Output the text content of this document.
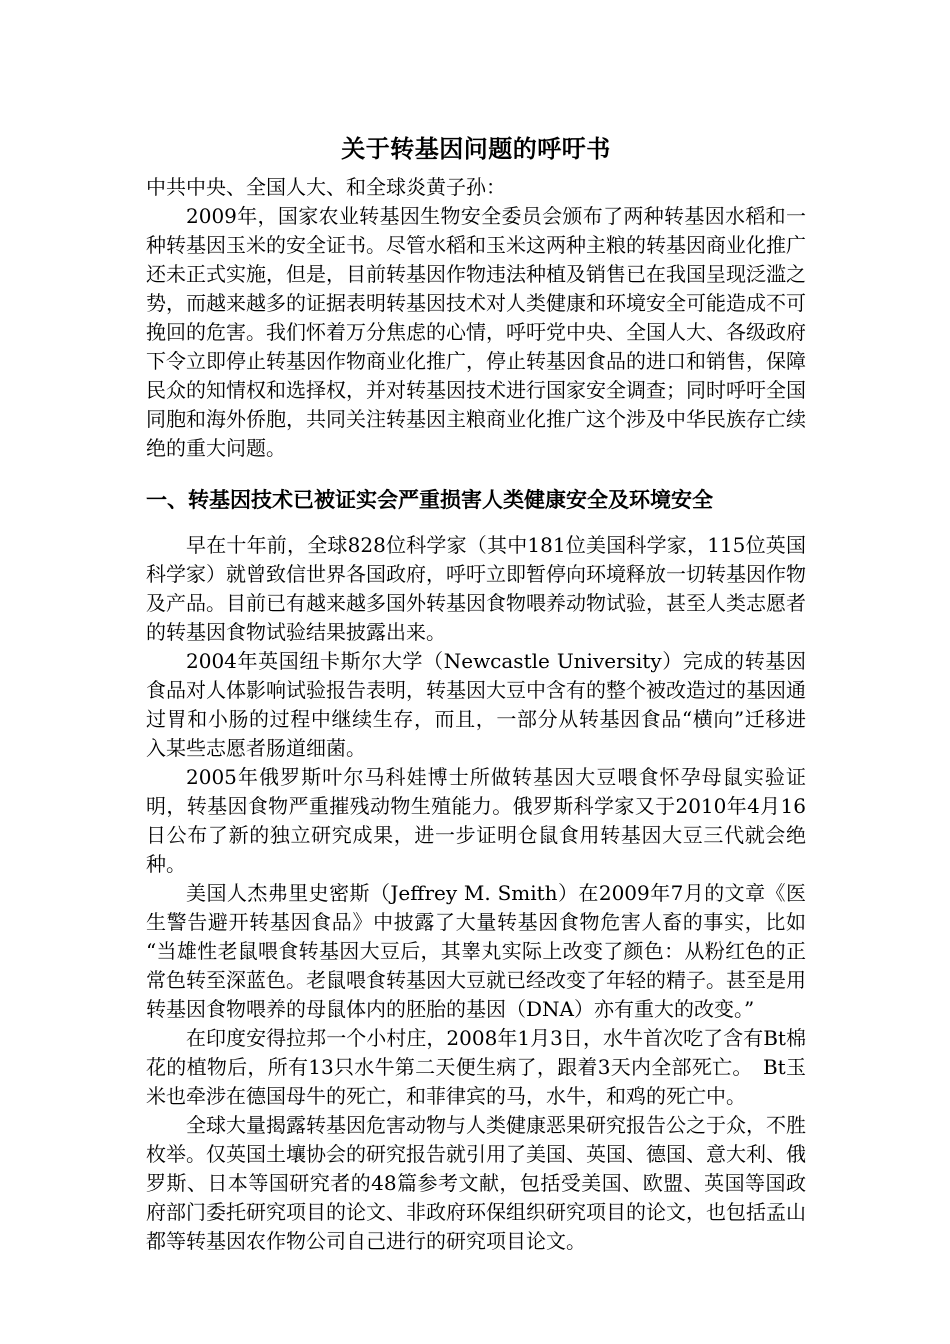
关于转基因问题的呼吁书

中共中央、全国人大、和全球炎黄子孙：

2009年，国家农业转基因生物安全委员会颁布了两种转基因水稻和一种转基因玉米的安全证书。尽管水稻和玉米这两种主粮的转基因商业化推广还未正式实施，但是，目前转基因作物违法种植及销售已在我国呈现泛滥之势，而越来越多的证据表明转基因技术对人类健康和环境安全可能造成不可挽回的危害。我们怀着万分焦虑的心情，呼吁党中央、全国人大、各级政府下令立即停止转基因作物商业化推广，停止转基因食品的进口和销售，保障民众的知情权和选择权，并对转基因技术进行国家安全调查；同时呼吁全国同胞和海外侨胞，共同关注转基因主粮商业化推广这个涉及中华民族存亡续绝的重大问题。

一、转基因技术已被证实会严重损害人类健康安全及环境安全

早在十年前，全球828位科学家（其中181位美国科学家，115位英国科学家）就曾致信世界各国政府，呼吁立即暂停向环境释放一切转基因作物及产品。目前已有越来越多国外转基因食物喂养动物试验，甚至人类志愿者的转基因食物试验结果披露出来。

2004年英国纽卡斯尔大学（Newcastle University）完成的转基因食品对人体影响试验报告表明，转基因大豆中含有的整个被改造过的基因通过胃和小肠的过程中继续生存，而且，一部分从转基因食品“横向”迁移进入某些志愿者肠道细菌。

2005年俄罗斯叶尔马科娃博士所做转基因大豆喂食怀孕母鼠实验证明，转基因食物严重摧残动物生殖能力。俄罗斯科学家又于2010年4月16日公布了新的独立研究成果，进一步证明仓鼠食用转基因大豆三代就会绝种。

美国人杰弗里史密斯（Jeffrey M. Smith）在2009年7月的文章《医生警告避开转基因食品》中披露了大量转基因食物危害人畜的事实，比如 “当雄性老鼠喂食转基因大豆后，其睾丸实际上改变了颜色：从粉红色的正常色转至深蓝色。老鼠喂食转基因大豆就已经改变了年轻的精子。甚至是用转基因食物喂养的母鼠体内的胚胎的基因（DNA）亦有重大的改变。”

在印度安得拉邦一个小村庄，2008年1月3日，水牛首次吃了含有Bt棉花的植物后，所有13只水牛第二天便生病了，跟着3天内全部死亡。　Bt玉米也牵涉在德国母牛的死亡，和菲律宾的马，水牛，和鸡的死亡中。

全球大量揭露转基因危害动物与人类健康恶果研究报告公之于众，不胜枚举。仅英国土壤协会的研究报告就引用了美国、英国、德国、意大利、俄罗斯、日本等国研究者的48篇参考文献，包括受美国、欧盟、英国等国政府部门委托研究项目的论文、非政府环保组织研究项目的论文，也包括孟山都等转基因农作物公司自己进行的研究项目论文。
